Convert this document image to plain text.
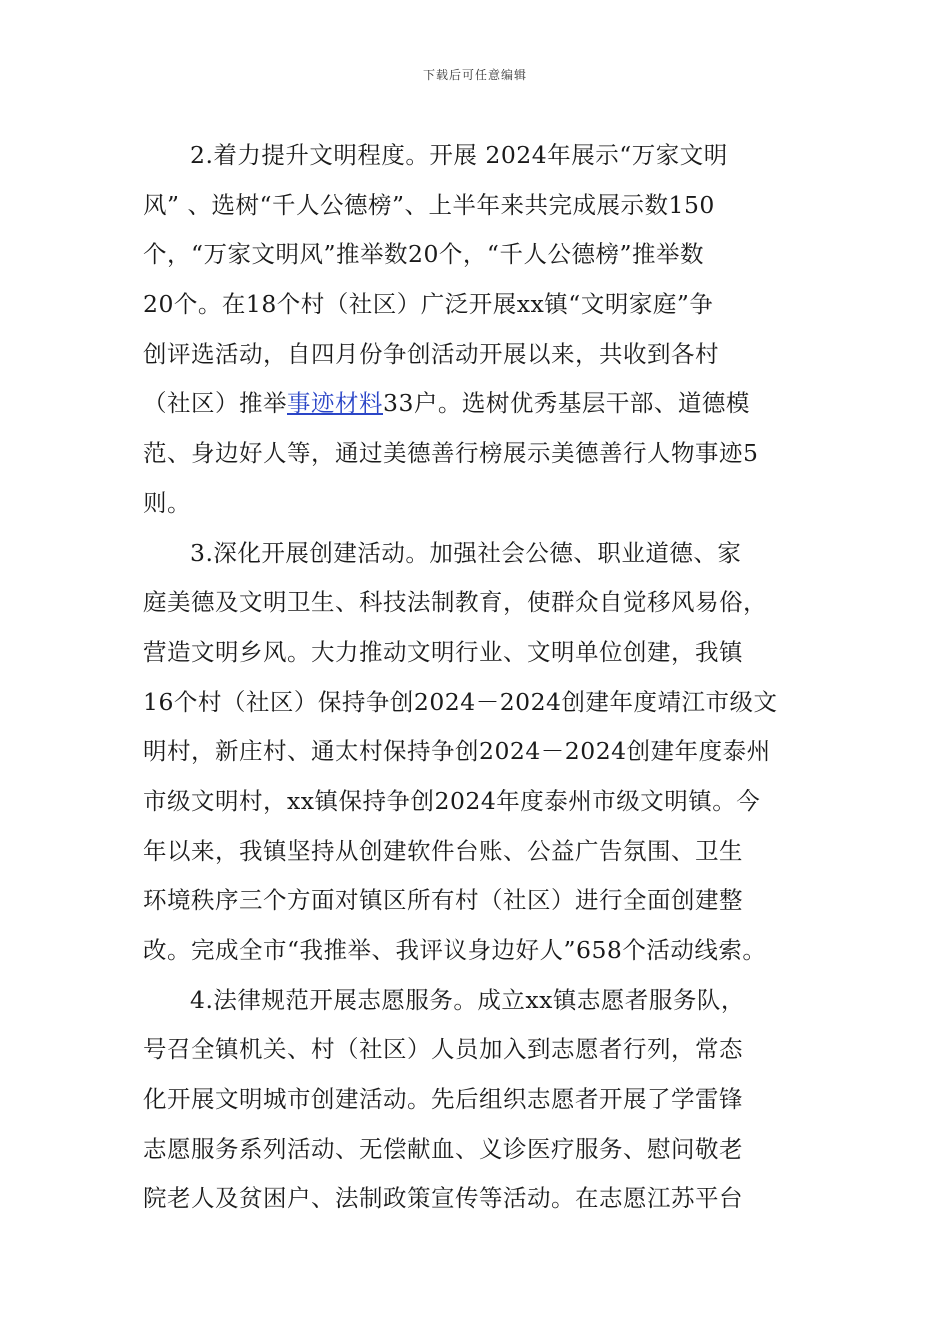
下载后可任意编辑
2.着力提升文明程度。开展 2024年展示“万家文明
风” 、选树“千人公德榜”、上半年来共完成展示数150
个，“万家文明风”推举数20个，“千人公德榜”推举数
20个。在18个村（社区）广泛开展xx镇“文明家庭”争
创评选活动，自四月份争创活动开展以来，共收到各村
（社区）推举事迹材料33户。选树优秀基层干部、道德模
范、身边好人等，通过美德善行榜展示美德善行人物事迹5
则。
3.深化开展创建活动。加强社会公德、职业道德、家
庭美德及文明卫生、科技法制教育，使群众自觉移风易俗，
营造文明乡风。大力推动文明行业、文明单位创建，我镇
16个村（社区）保持争创2024－2024创建年度靖江市级文
明村，新庄村、通太村保持争创2024－2024创建年度泰州
市级文明村，xx镇保持争创2024年度泰州市级文明镇。今
年以来，我镇坚持从创建软件台账、公益广告氛围、卫生
环境秩序三个方面对镇区所有村（社区）进行全面创建整
改。完成全市“我推举、我评议身边好人”658个活动线索。
4.法律规范开展志愿服务。成立xx镇志愿者服务队，
号召全镇机关、村（社区）人员加入到志愿者行列，常态
化开展文明城市创建活动。先后组织志愿者开展了学雷锋
志愿服务系列活动、无偿献血、义诊医疗服务、慰问敬老
院老人及贫困户、法制政策宣传等活动。在志愿江苏平台
